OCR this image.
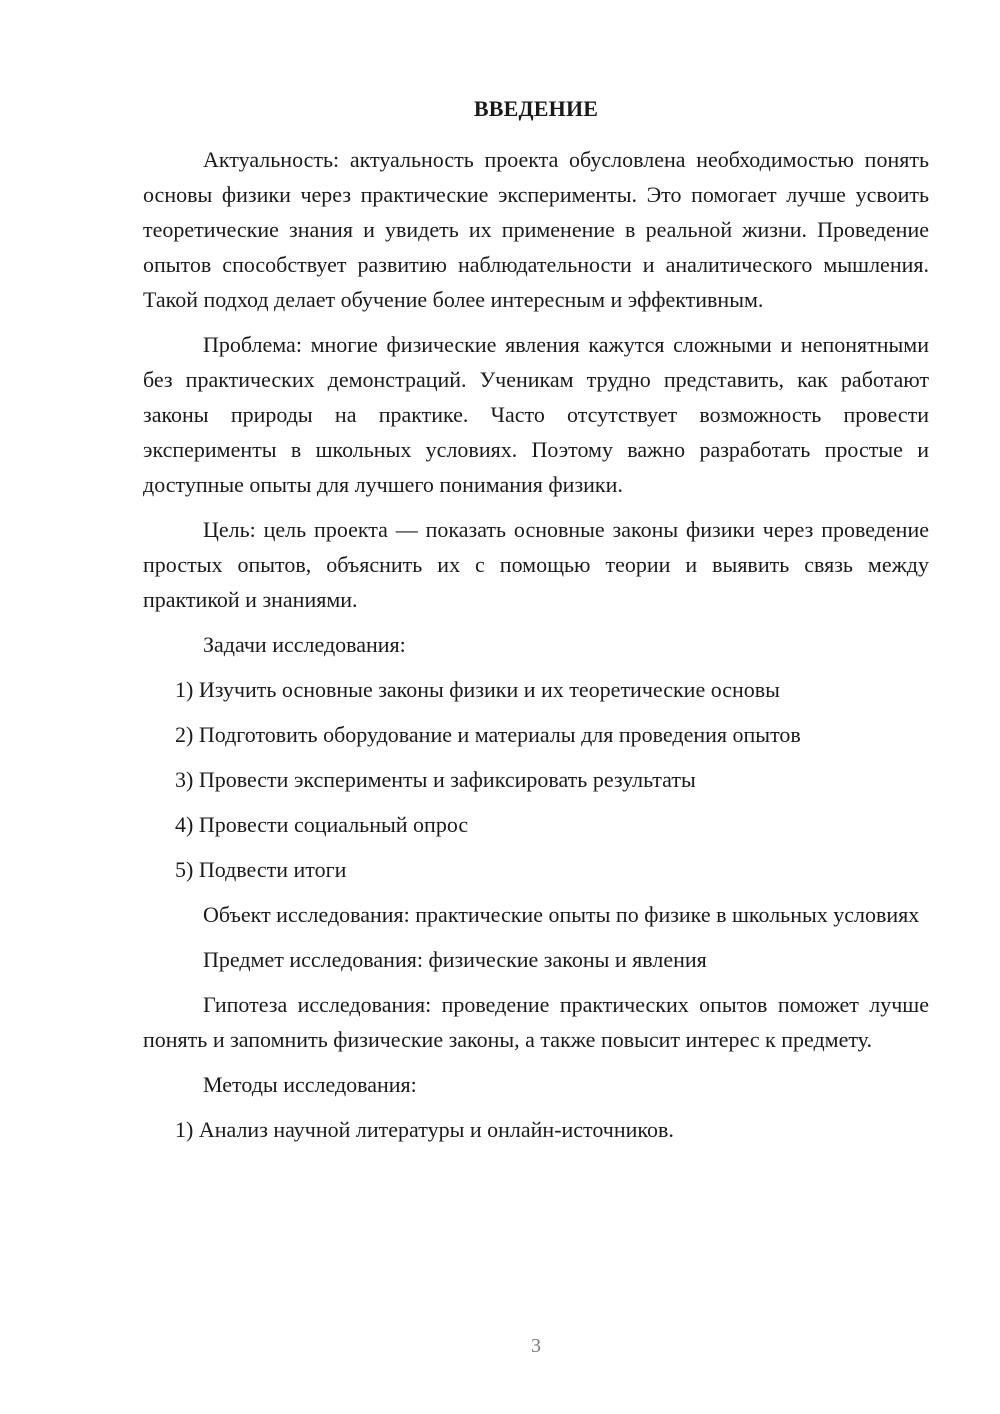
ВВЕДЕНИЕ

Актуальность: актуальность проекта обусловлена необходимостью понять основы физики через практические эксперименты. Это помогает лучше усвоить теоретические знания и увидеть их применение в реальной жизни. Проведение опытов способствует развитию наблюдательности и аналитического мышления. Такой подход делает обучение более интересным и эффективным.

Проблема: многие физические явления кажутся сложными и непонятными без практических демонстраций. Ученикам трудно представить, как работают законы природы на практике. Часто отсутствует возможность провести эксперименты в школьных условиях. Поэтому важно разработать простые и доступные опыты для лучшего понимания физики.

Цель: цель проекта — показать основные законы физики через проведение простых опытов, объяснить их с помощью теории и выявить связь между практикой и знаниями.

Задачи исследования:

1) Изучить основные законы физики и их теоретические основы

2) Подготовить оборудование и материалы для проведения опытов

3) Провести эксперименты и зафиксировать результаты

4) Провести социальный опрос

5) Подвести итоги

Объект исследования: практические опыты по физике в школьных условиях

Предмет исследования: физические законы и явления

Гипотеза исследования: проведение практических опытов поможет лучше понять и запомнить физические законы, а также повысит интерес к предмету.

Методы исследования:

1) Анализ научной литературы и онлайн-источников.

3
